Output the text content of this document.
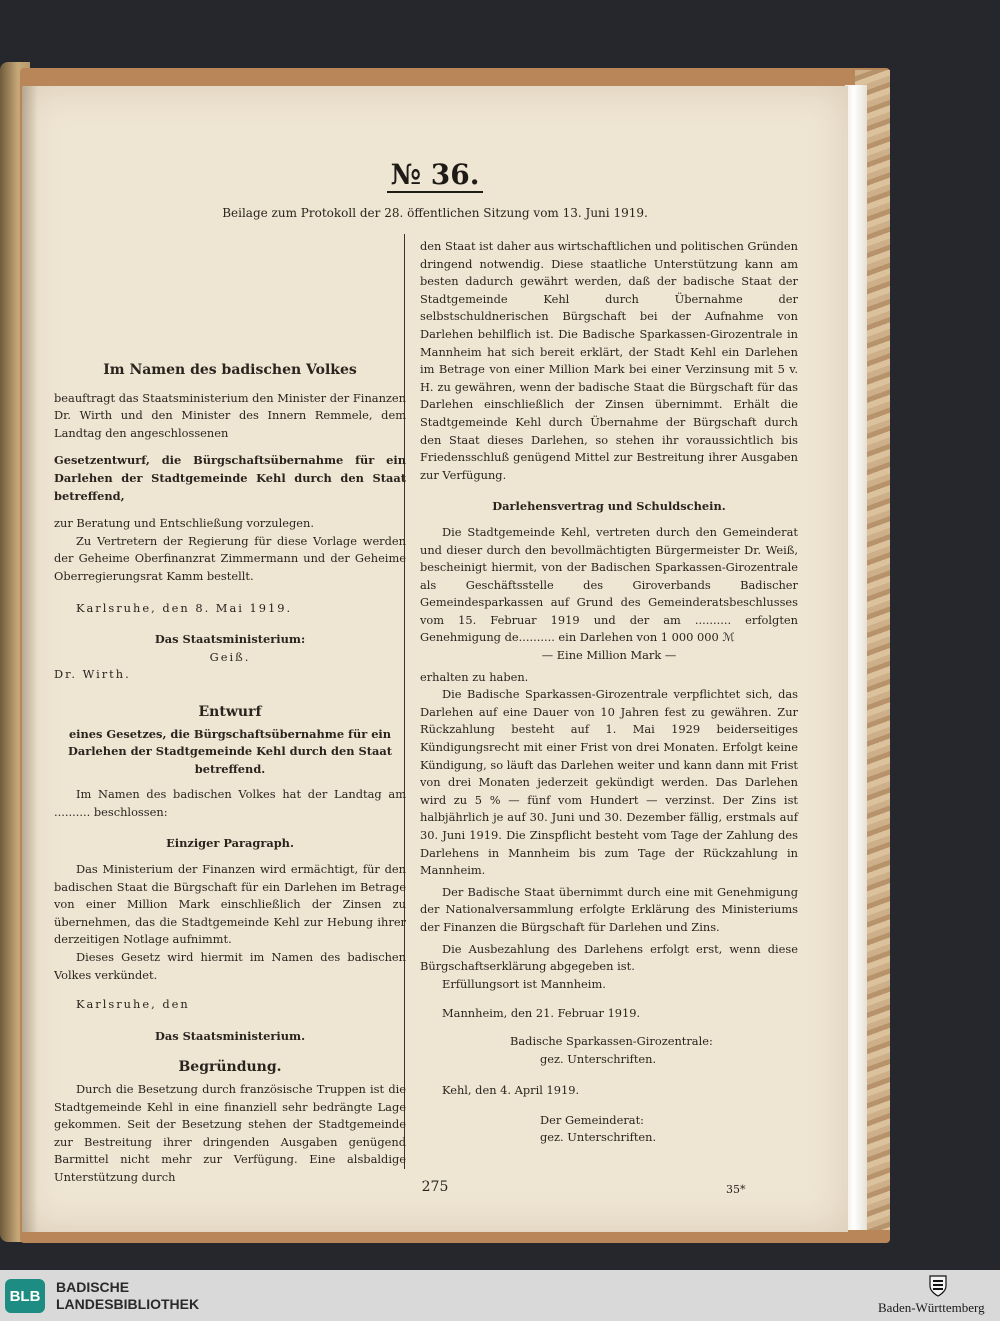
№ 36.
Beilage zum Protokoll der 28. öffentlichen Sitzung vom 13. Juni 1919.

Im Namen des badischen Volkes

beauftragt das Staatsministerium den Minister der Finanzen Dr. Wirth und den Minister des Innern Remmele, dem Landtag den angeschlossenen

Gesetzentwurf, die Bürgschaftsübernahme für ein Darlehen der Stadtgemeinde Kehl durch den Staat betreffend,

zur Beratung und Entschließung vorzulegen.

Zu Vertretern der Regierung für diese Vorlage werden der Geheime Oberfinanzrat Zimmermann und der Geheime Oberregierungsrat Kamm bestellt.

Karlsruhe, den 8. Mai 1919.

Das Staatsministerium:

Geiß.

Dr. Wirth.

Entwurf

eines Gesetzes, die Bürgschaftsübernahme für ein Darlehen der Stadtgemeinde Kehl durch den Staat betreffend.

Im Namen des badischen Volkes hat der Landtag am .......... beschlossen:

Einziger Paragraph.

Das Ministerium der Finanzen wird ermächtigt, für den badischen Staat die Bürgschaft für ein Darlehen im Betrage von einer Million Mark einschließlich der Zinsen zu übernehmen, das die Stadtgemeinde Kehl zur Hebung ihrer derzeitigen Notlage aufnimmt.

Dieses Gesetz wird hiermit im Namen des badischen Volkes verkündet.

Karlsruhe, den

Das Staatsministerium.

Begründung.

Durch die Besetzung durch französische Truppen ist die Stadtgemeinde Kehl in eine finanziell sehr bedrängte Lage gekommen. Seit der Besetzung stehen der Stadtgemeinde zur Bestreitung ihrer dringenden Ausgaben genügend Barmittel nicht mehr zur Verfügung. Eine alsbaldige Unterstützung durch

den Staat ist daher aus wirtschaftlichen und politischen Gründen dringend notwendig. Diese staatliche Unterstützung kann am besten dadurch gewährt werden, daß der badische Staat der Stadtgemeinde Kehl durch Übernahme der selbstschuldnerischen Bürgschaft bei der Aufnahme von Darlehen behilflich ist. Die Badische Sparkassen-Girozentrale in Mannheim hat sich bereit erklärt, der Stadt Kehl ein Darlehen im Betrage von einer Million Mark bei einer Verzinsung mit 5 v. H. zu gewähren, wenn der badische Staat die Bürgschaft für das Darlehen einschließlich der Zinsen übernimmt. Erhält die Stadtgemeinde Kehl durch Übernahme der Bürgschaft durch den Staat dieses Darlehen, so stehen ihr voraussichtlich bis Friedensschluß genügend Mittel zur Bestreitung ihrer Ausgaben zur Verfügung.

Darlehensvertrag und Schuldschein.

Die Stadtgemeinde Kehl, vertreten durch den Gemeinderat und dieser durch den bevollmächtigten Bürgermeister Dr. Weiß, bescheinigt hiermit, von der Badischen Sparkassen-Girozentrale als Geschäftsstelle des Giroverbands Badischer Gemeindesparkassen auf Grund des Gemeinderatsbeschlusses vom 15. Februar 1919 und der am .......... erfolgten Genehmigung de.......... ein Darlehen von 1 000 000 ℳ

— Eine Million Mark —

erhalten zu haben.

Die Badische Sparkassen-Girozentrale verpflichtet sich, das Darlehen auf eine Dauer von 10 Jahren fest zu gewähren. Zur Rückzahlung besteht auf 1. Mai 1929 beiderseitiges Kündigungsrecht mit einer Frist von drei Monaten. Erfolgt keine Kündigung, so läuft das Darlehen weiter und kann dann mit Frist von drei Monaten jederzeit gekündigt werden. Das Darlehen wird zu 5 % — fünf vom Hundert — verzinst. Der Zins ist halbjährlich je auf 30. Juni und 30. Dezember fällig, erstmals auf 30. Juni 1919. Die Zinspflicht besteht vom Tage der Zahlung des Darlehens in Mannheim bis zum Tage der Rückzahlung in Mannheim.

Der Badische Staat übernimmt durch eine mit Genehmigung der Nationalversammlung erfolgte Erklärung des Ministeriums der Finanzen die Bürgschaft für Darlehen und Zins.

Die Ausbezahlung des Darlehens erfolgt erst, wenn diese Bürgschaftserklärung abgegeben ist.

Erfüllungsort ist Mannheim.

Mannheim, den 21. Februar 1919.

Badische Sparkassen-Girozentrale:

gez. Unterschriften.

Kehl, den 4. April 1919.

Der Gemeinderat:

gez. Unterschriften.

275	35*
BLB
BADISCHE
LANDESBIBLIOTHEK	Baden-Württemberg
